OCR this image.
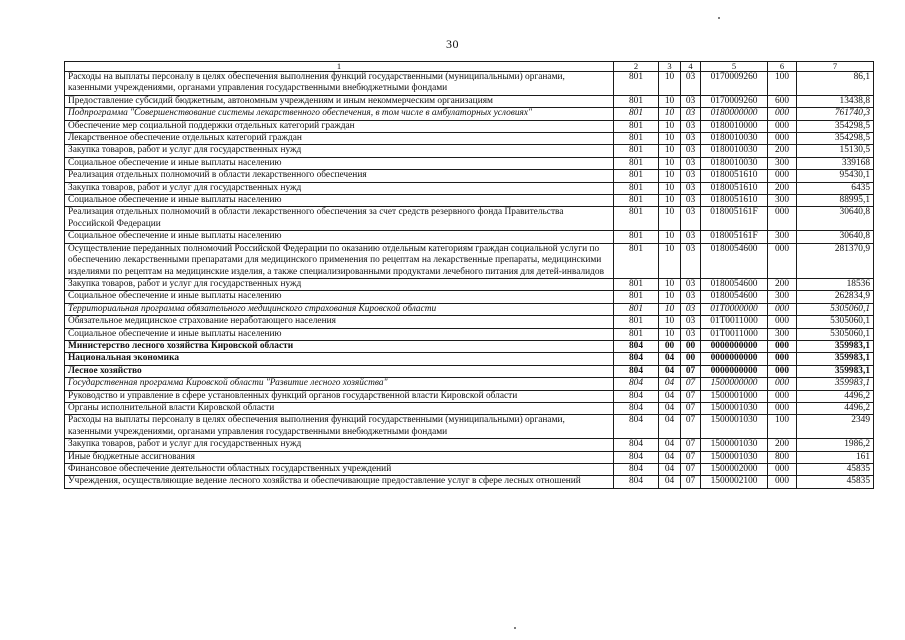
30
1	2	3	4	5	6	7
Расходы на выплаты персоналу в целях обеспечения выполнения функций государственными (муниципальными) органами, казенными учреждениями, органами управления государственными внебюджетными фондами	801	10	03	0170009260	100	86,1
Предоставление субсидий бюджетным, автономным учреждениям и иным некоммерческим организациям	801	10	03	0170009260	600	13438,8
Подпрограмма "Совершенствование системы лекарственного обеспечения, в том числе в амбулаторных условиях"	801	10	03	0180000000	000	761740,3
Обеспечение мер социальной поддержки отдельных категорий граждан	801	10	03	0180010000	000	354298,5
Лекарственное обеспечение отдельных категорий граждан	801	10	03	0180010030	000	354298,5
Закупка товаров, работ и услуг для государственных нужд	801	10	03	0180010030	200	15130,5
Социальное обеспечение и иные выплаты населению	801	10	03	0180010030	300	339168
Реализация отдельных полномочий в области лекарственного обеспечения	801	10	03	0180051610	000	95430,1
Закупка товаров, работ и услуг для государственных нужд	801	10	03	0180051610	200	6435
Социальное обеспечение и иные выплаты населению	801	10	03	0180051610	300	88995,1
Реализация отдельных полномочий в области лекарственного обеспечения за счет средств резервного фонда Правительства Российской Федерации	801	10	03	018005161F	000	30640,8
Социальное обеспечение и иные выплаты населению	801	10	03	018005161F	300	30640,8
Осуществление переданных полномочий Российской Федерации по оказанию отдельным категориям граждан социальной услуги по обеспечению лекарственными препаратами для медицинского применения по рецептам на лекарственные препараты, медицинскими изделиями по рецептам на медицинские изделия, а также специализированными продуктами лечебного питания для детей-инвалидов	801	10	03	0180054600	000	281370,9
Закупка товаров, работ и услуг для государственных нужд	801	10	03	0180054600	200	18536
Социальное обеспечение и иные выплаты населению	801	10	03	0180054600	300	262834,9
Территориальная программа обязательного медицинского страхования Кировской области	801	10	03	01T0000000	000	5305060,1
Обязательное медицинское страхование неработающего населения	801	10	03	01T0011000	000	5305060,1
Социальное обеспечение и иные выплаты населению	801	10	03	01T0011000	300	5305060,1
Министерство лесного хозяйства Кировской области	804	00	00	0000000000	000	359983,1
Национальная экономика	804	04	00	0000000000	000	359983,1
Лесное хозяйство	804	04	07	0000000000	000	359983,1
Государственная программа Кировской области "Развитие лесного хозяйства"	804	04	07	1500000000	000	359983,1
Руководство и управление в сфере установленных функций органов государственной власти Кировской области	804	04	07	1500001000	000	4496,2
Органы исполнительной власти Кировской области	804	04	07	1500001030	000	4496,2
Расходы на выплаты персоналу в целях обеспечения выполнения функций государственными (муниципальными) органами, казенными учреждениями, органами управления государственными внебюджетными фондами	804	04	07	1500001030	100	2349
Закупка товаров, работ и услуг для государственных нужд	804	04	07	1500001030	200	1986,2
Иные бюджетные ассигнования	804	04	07	1500001030	800	161
Финансовое обеспечение деятельности областных государственных учреждений	804	04	07	1500002000	000	45835
Учреждения, осуществляющие ведение лесного хозяйства и обеспечивающие предоставление услуг в сфере лесных отношений	804	04	07	1500002100	000	45835
